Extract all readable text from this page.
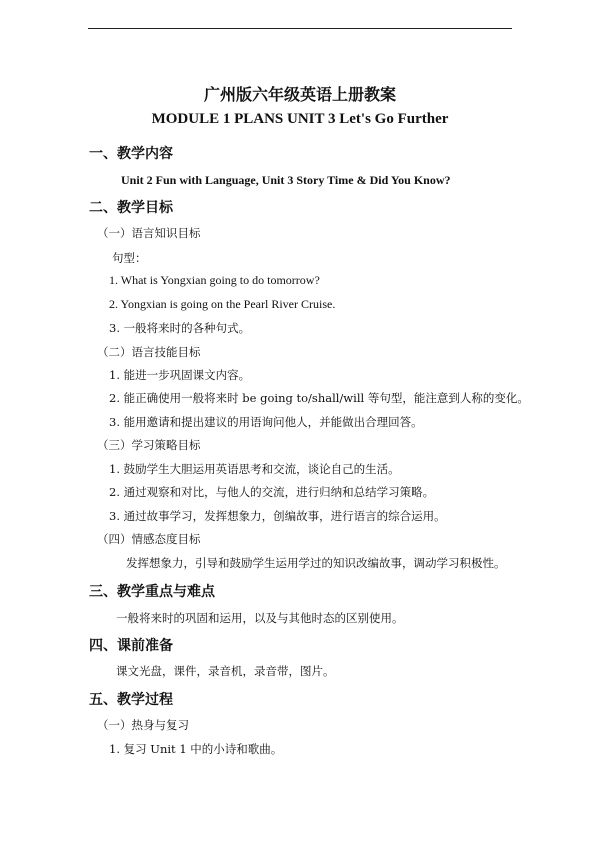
广州版六年级英语上册教案
MODULE 1 PLANS UNIT 3 Let's Go Further
一、教学内容
Unit 2 Fun with Language, Unit 3 Story Time & Did You Know?
二、教学目标
（一）语言知识目标
句型：
1. What is Yongxian going to do tomorrow?
2. Yongxian is going on the Pearl River Cruise.
3. 一般将来时的各种句式。
（二）语言技能目标
1. 能进一步巩固课文内容。
2. 能正确使用一般将来时 be going to/shall/will 等句型，能注意到人称的变化。
3. 能用邀请和提出建议的用语询问他人，并能做出合理回答。
（三）学习策略目标
1. 鼓励学生大胆运用英语思考和交流，谈论自己的生活。
2. 通过观察和对比，与他人的交流，进行归纳和总结学习策略。
3. 通过故事学习，发挥想象力，创编故事，进行语言的综合运用。
（四）情感态度目标
发挥想象力，引导和鼓励学生运用学过的知识改编故事，调动学习积极性。
三、教学重点与难点
一般将来时的巩固和运用，以及与其他时态的区别使用。
四、课前准备
课文光盘，课件，录音机，录音带，图片。
五、教学过程
（一）热身与复习
1. 复习 Unit 1 中的小诗和歌曲。
